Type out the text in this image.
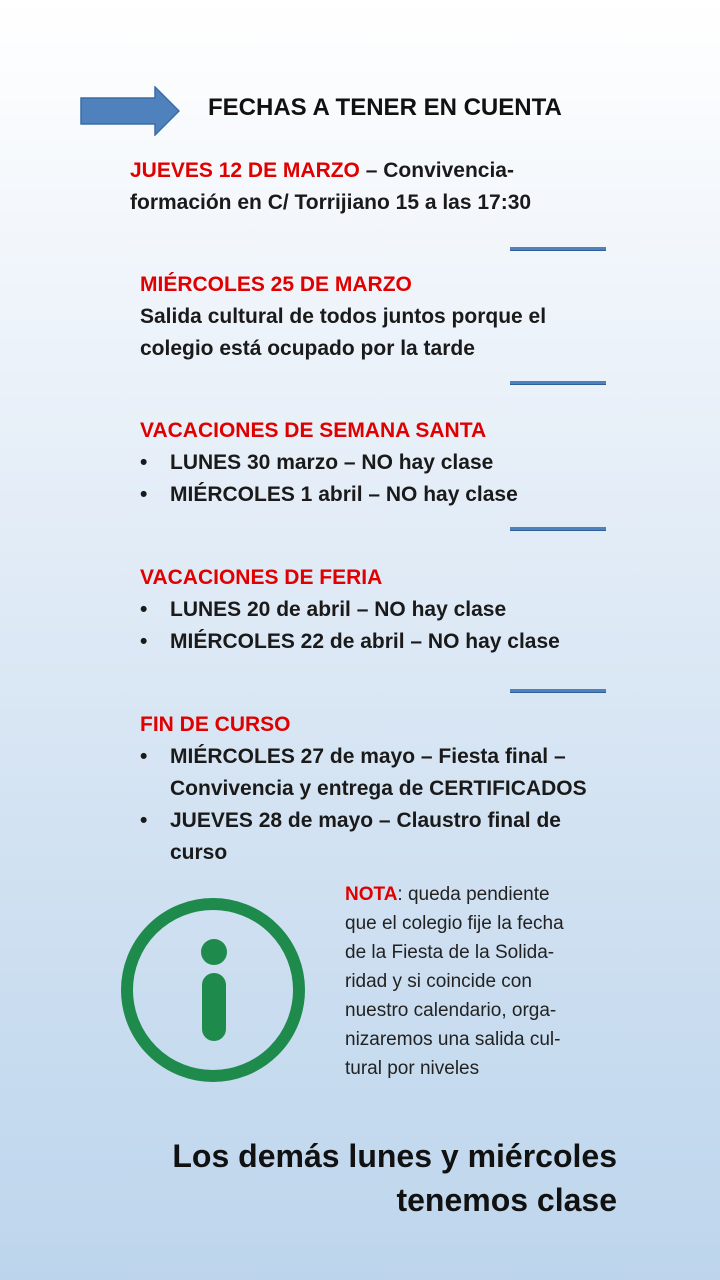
FECHAS A TENER EN CUENTA
JUEVES 12 DE MARZO – Convivencia-
formación en C/ Torrijiano 15 a las 17:30
MIÉRCOLES 25 DE MARZO
Salida cultural de todos juntos porque el
colegio está ocupado por la tarde
VACACIONES DE SEMANA SANTA
• LUNES 30 marzo – NO hay clase
• MIÉRCOLES 1 abril – NO hay clase
VACACIONES DE FERIA
• LUNES 20 de abril – NO hay clase
• MIÉRCOLES 22 de abril – NO hay clase
FIN DE CURSO
• MIÉRCOLES 27 de mayo – Fiesta final –
Convivencia y entrega de CERTIFICADOS
• JUEVES 28 de mayo – Claustro final de
curso
NOTA: queda pendiente
que el colegio fije la fecha
de la Fiesta de la Solida-
ridad y si coincide con
nuestro calendario, orga-
nizaremos una salida cul-
tural por niveles
Los demás lunes y miércoles
tenemos clase
